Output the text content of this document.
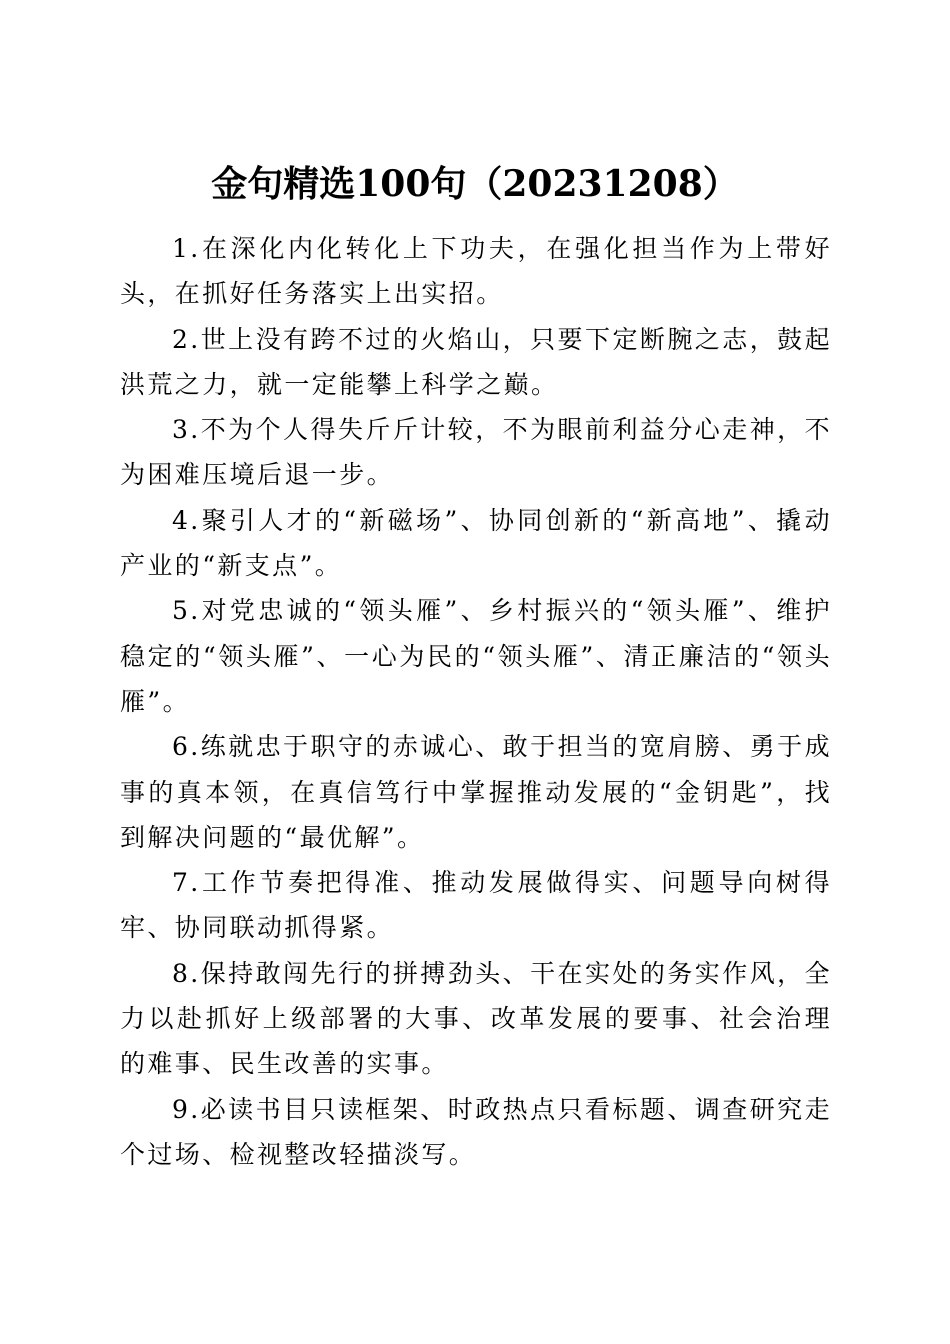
金句精选100句（20231208）

1.在深化内化转化上下功夫，在强化担当作为上带好头，在抓好任务落实上出实招。

2.世上没有跨不过的火焰山，只要下定断腕之志，鼓起洪荒之力，就一定能攀上科学之巅。

3.不为个人得失斤斤计较，不为眼前利益分心走神，不为困难压境后退一步。

4.聚引人才的“新磁场”、协同创新的“新高地”、撬动产业的“新支点”。

5.对党忠诚的“领头雁”、乡村振兴的“领头雁”、维护稳定的“领头雁”、一心为民的“领头雁”、清正廉洁的“领头雁”。

6.练就忠于职守的赤诚心、敢于担当的宽肩膀、勇于成事的真本领，在真信笃行中掌握推动发展的“金钥匙”，找到解决问题的“最优解”。

7.工作节奏把得准、推动发展做得实、问题导向树得牢、协同联动抓得紧。

8.保持敢闯先行的拼搏劲头、干在实处的务实作风，全力以赴抓好上级部署的大事、改革发展的要事、社会治理的难事、民生改善的实事。

9.必读书目只读框架、时政热点只看标题、调查研究走个过场、检视整改轻描淡写。
